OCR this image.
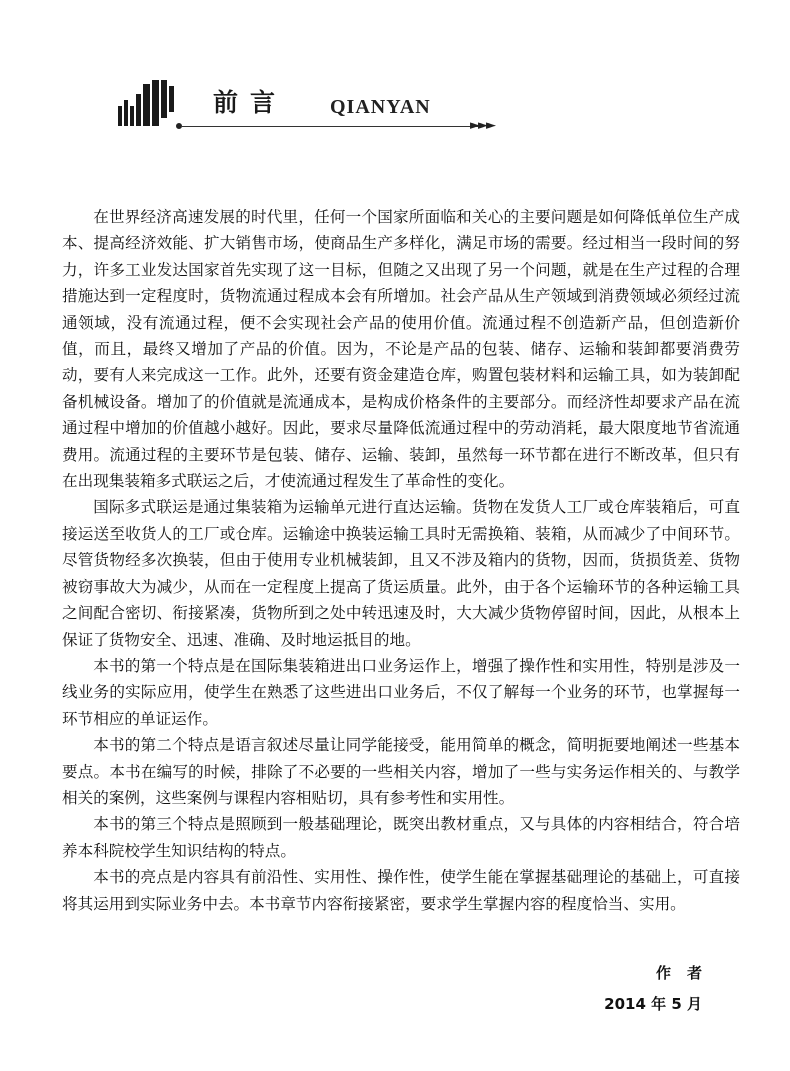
前言 QIANYAN
►►►

在世界经济高速发展的时代里，任何一个国家所面临和关心的主要问题是如何降低单位生产成本、提高经济效能、扩大销售市场，使商品生产多样化，满足市场的需要。经过相当一段时间的努力，许多工业发达国家首先实现了这一目标，但随之又出现了另一个问题，就是在生产过程的合理措施达到一定程度时，货物流通过程成本会有所增加。社会产品从生产领域到消费领域必须经过流通领域，没有流通过程，便不会实现社会产品的使用价值。流通过程不创造新产品，但创造新价值，而且，最终又增加了产品的价值。因为，不论是产品的包装、储存、运输和装卸都要消费劳动，要有人来完成这一工作。此外，还要有资金建造仓库，购置包装材料和运输工具，如为装卸配备机械设备。增加了的价值就是流通成本，是构成价格条件的主要部分。而经济性却要求产品在流通过程中增加的价值越小越好。因此，要求尽量降低流通过程中的劳动消耗，最大限度地节省流通费用。流通过程的主要环节是包装、储存、运输、装卸，虽然每一环节都在进行不断改革，但只有在出现集装箱多式联运之后，才使流通过程发生了革命性的变化。

国际多式联运是通过集装箱为运输单元进行直达运输。货物在发货人工厂或仓库装箱后，可直接运送至收货人的工厂或仓库。运输途中换装运输工具时无需换箱、装箱，从而减少了中间环节。尽管货物经多次换装，但由于使用专业机械装卸，且又不涉及箱内的货物，因而，货损货差、货物被窃事故大为减少，从而在一定程度上提高了货运质量。此外，由于各个运输环节的各种运输工具之间配合密切、衔接紧凑，货物所到之处中转迅速及时，大大减少货物停留时间，因此，从根本上保证了货物安全、迅速、准确、及时地运抵目的地。

本书的第一个特点是在国际集装箱进出口业务运作上，增强了操作性和实用性，特别是涉及一线业务的实际应用，使学生在熟悉了这些进出口业务后，不仅了解每一个业务的环节，也掌握每一环节相应的单证运作。

本书的第二个特点是语言叙述尽量让同学能接受，能用简单的概念，简明扼要地阐述一些基本要点。本书在编写的时候，排除了不必要的一些相关内容，增加了一些与实务运作相关的、与教学相关的案例，这些案例与课程内容相贴切，具有参考性和实用性。

本书的第三个特点是照顾到一般基础理论，既突出教材重点，又与具体的内容相结合，符合培养本科院校学生知识结构的特点。

本书的亮点是内容具有前沿性、实用性、操作性，使学生能在掌握基础理论的基础上，可直接将其运用到实际业务中去。本书章节内容衔接紧密，要求学生掌握内容的程度恰当、实用。

作者
2014 年 5 月
